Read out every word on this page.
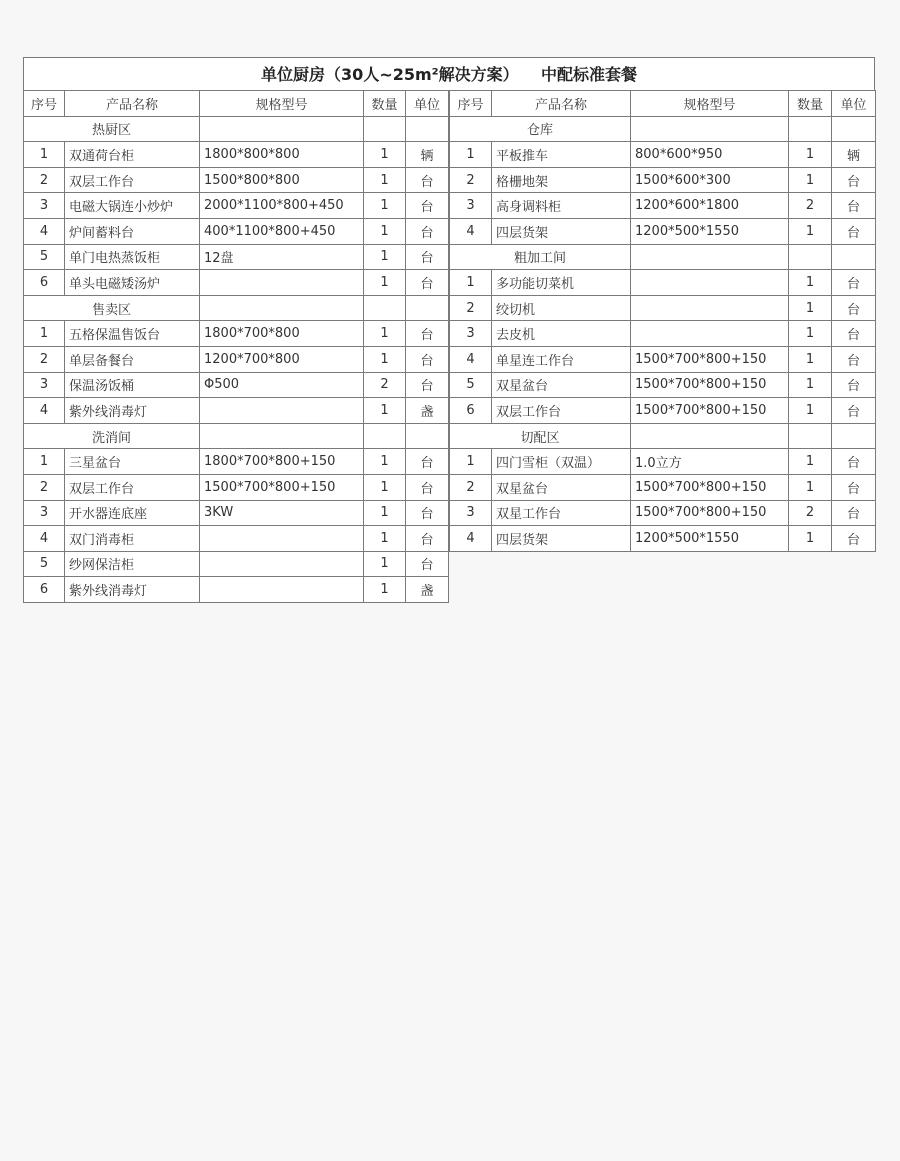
单位厨房（30人~25m²解决方案）    中配标准套餐
序号	产品名称	规格型号	数量	单位
热厨区				
1	双通荷台柜	1800*800*800	1	辆
2	双层工作台	1500*800*800	1	台
3	电磁大锅连小炒炉	2000*1100*800+450	1	台
4	炉间蓄料台	400*1100*800+450	1	台
5	单门电热蒸饭柜	12盘	1	台
6	单头电磁矮汤炉		1	台
售卖区				
1	五格保温售饭台	1800*700*800	1	台
2	单层备餐台	1200*700*800	1	台
3	保温汤饭桶	Φ500	2	台
4	紫外线消毒灯		1	盏
洗消间				
1	三星盆台	1800*700*800+150	1	台
2	双层工作台	1500*700*800+150	1	台
3	开水器连底座	3KW	1	台
4	双门消毒柜		1	台
5	纱网保洁柜		1	台
6	紫外线消毒灯		1	盏
序号	产品名称	规格型号	数量	单位
仓库				
1	平板推车	800*600*950	1	辆
2	格栅地架	1500*600*300	1	台
3	高身调料柜	1200*600*1800	2	台
4	四层货架	1200*500*1550	1	台
粗加工间				
1	多功能切菜机		1	台
2	绞切机		1	台
3	去皮机		1	台
4	单星连工作台	1500*700*800+150	1	台
5	双星盆台	1500*700*800+150	1	台
6	双层工作台	1500*700*800+150	1	台
切配区				
1	四门雪柜（双温）	1.0立方	1	台
2	双星盆台	1500*700*800+150	1	台
3	双星工作台	1500*700*800+150	2	台
4	四层货架	1200*500*1550	1	台
